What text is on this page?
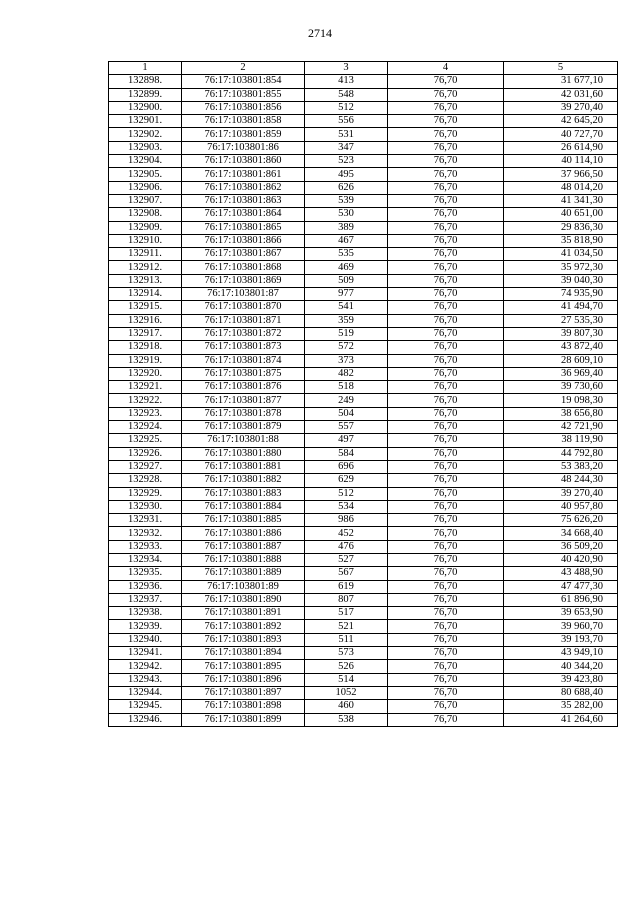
2714
1	2	3	4	5
132898.	76:17:103801:854	413	76,70	31 677,10
132899.	76:17:103801:855	548	76,70	42 031,60
132900.	76:17:103801:856	512	76,70	39 270,40
132901.	76:17:103801:858	556	76,70	42 645,20
132902.	76:17:103801:859	531	76,70	40 727,70
132903.	76:17:103801:86	347	76,70	26 614,90
132904.	76:17:103801:860	523	76,70	40 114,10
132905.	76:17:103801:861	495	76,70	37 966,50
132906.	76:17:103801:862	626	76,70	48 014,20
132907.	76:17:103801:863	539	76,70	41 341,30
132908.	76:17:103801:864	530	76,70	40 651,00
132909.	76:17:103801:865	389	76,70	29 836,30
132910.	76:17:103801:866	467	76,70	35 818,90
132911.	76:17:103801:867	535	76,70	41 034,50
132912.	76:17:103801:868	469	76,70	35 972,30
132913.	76:17:103801:869	509	76,70	39 040,30
132914.	76:17:103801:87	977	76,70	74 935,90
132915.	76:17:103801:870	541	76,70	41 494,70
132916.	76:17:103801:871	359	76,70	27 535,30
132917.	76:17:103801:872	519	76,70	39 807,30
132918.	76:17:103801:873	572	76,70	43 872,40
132919.	76:17:103801:874	373	76,70	28 609,10
132920.	76:17:103801:875	482	76,70	36 969,40
132921.	76:17:103801:876	518	76,70	39 730,60
132922.	76:17:103801:877	249	76,70	19 098,30
132923.	76:17:103801:878	504	76,70	38 656,80
132924.	76:17:103801:879	557	76,70	42 721,90
132925.	76:17:103801:88	497	76,70	38 119,90
132926.	76:17:103801:880	584	76,70	44 792,80
132927.	76:17:103801:881	696	76,70	53 383,20
132928.	76:17:103801:882	629	76,70	48 244,30
132929.	76:17:103801:883	512	76,70	39 270,40
132930.	76:17:103801:884	534	76,70	40 957,80
132931.	76:17:103801:885	986	76,70	75 626,20
132932.	76:17:103801:886	452	76,70	34 668,40
132933.	76:17:103801:887	476	76,70	36 509,20
132934.	76:17:103801:888	527	76,70	40 420,90
132935.	76:17:103801:889	567	76,70	43 488,90
132936.	76:17:103801:89	619	76,70	47 477,30
132937.	76:17:103801:890	807	76,70	61 896,90
132938.	76:17:103801:891	517	76,70	39 653,90
132939.	76:17:103801:892	521	76,70	39 960,70
132940.	76:17:103801:893	511	76,70	39 193,70
132941.	76:17:103801:894	573	76,70	43 949,10
132942.	76:17:103801:895	526	76,70	40 344,20
132943.	76:17:103801:896	514	76,70	39 423,80
132944.	76:17:103801:897	1052	76,70	80 688,40
132945.	76:17:103801:898	460	76,70	35 282,00
132946.	76:17:103801:899	538	76,70	41 264,60
